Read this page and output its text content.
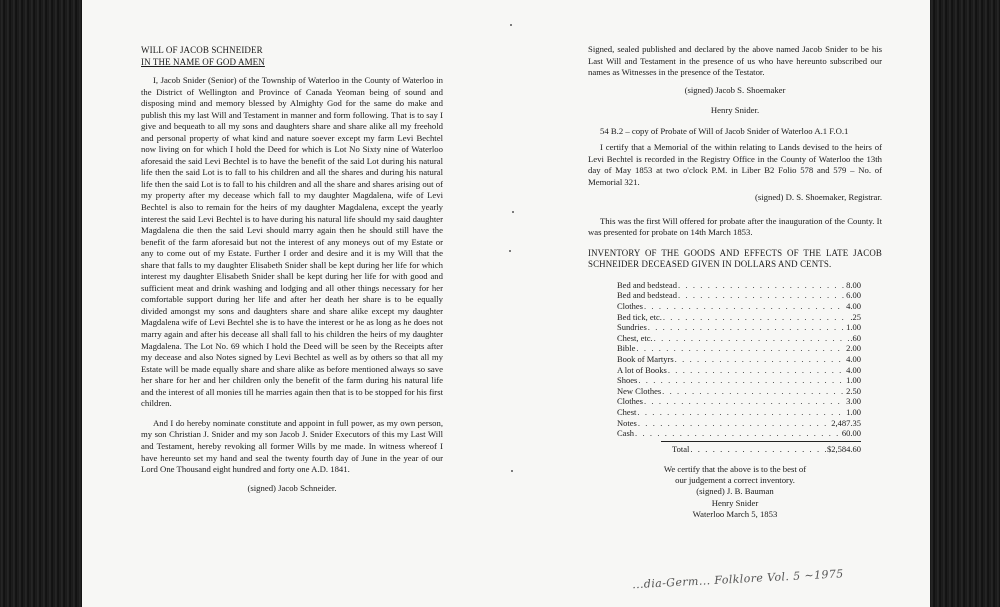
WILL OF JACOB SCHNEIDER

IN THE NAME OF GOD AMEN

I, Jacob Snider (Senior) of the Township of Waterloo in the County of Waterloo in the District of Wellington and Province of Canada Yeoman being of sound and disposing mind and memory blessed by Almighty God for the same do make and publish this my last Will and Testament in manner and form following. That is to say I give and bequeath to all my sons and daughters share and share alike all my freehold and personal property of what kind and nature soever except my farm Levi Bechtel now living on for which I hold the Deed for which is Lot No Sixty nine of Waterloo aforesaid the said Levi Bechtel is to have the benefit of the said Lot during his natural life then the said Lot is to fall to his children and all the shares and during his natural life then the said Lot is to fall to his children and all the share and shares arising out of my property after my decease which fall to my daughter Magdalena, wife of Levi Bechtel is also to remain for the heirs of my daughter Magdalena, except the yearly interest the said Levi Bechtel is to have during his natural life should my said daughter Magdalena die then the said Levi should marry again then he should still have the benefit of the farm aforesaid but not the interest of any moneys out of my Estate or any to come out of my Estate. Further I order and desire and it is my Will that the share that falls to my daughter Elisabeth Snider shall be kept during her life for which interest my daughter Elisabeth Snider shall be kept during her life for with good and sufficient meat and drink washing and lodging and all other things necessary for her comfortable support during her life and after her death her share is to be equally divided amongst my sons and daughters share and share alike except my daughter Magdalena wife of Levi Bechtel she is to have the interest or he as long as he does not marry again and after his decease all shall fall to his children the heirs of my daughter Magdalena. The Lot No. 69 which I hold the Deed will be seen by the Receipts after my decease and also Notes signed by Levi Bechtel as well as by others so that all my Estate will be made equally share and share alike as before mentioned always so save her share for her and her children only the benefit of the farm during his natural life and the interest of all monies till he marries again then that is to be stopped for his first children.

And I do hereby nominate constitute and appoint in full power, as my own person, my son Christian J. Snider and my son Jacob J. Snider Executors of this my Last Will and Testament, hereby revoking all former Wills by me made. In witness whereof I have hereunto set my hand and seal the twenty fourth day of June in the year of our Lord One Thousand eight hundred and forty one A.D. 1841.

(signed) Jacob Schneider.

Signed, sealed published and declared by the above named Jacob Snider to be his Last Will and Testament in the presence of us who have hereunto subscribed our names as Witnesses in the presence of the Testator.

(signed) Jacob S. Shoemaker

Henry Snider.

54 B.2 – copy of Probate of Will of Jacob Snider of Waterloo A.1 F.O.1

I certify that a Memorial of the within relating to Lands devised to the heirs of Levi Bechtel is recorded in the Registry Office in the County of Waterloo the 13th day of May 1853 at two o'clock P.M. in Liber B2 Folio 578 and 579 – No. of Memorial 321.

(signed) D. S. Shoemaker, Registrar.

This was the first Will offered for probate after the inauguration of the County. It was presented for probate on 14th March 1853.

INVENTORY OF THE GOODS AND EFFECTS OF THE LATE JACOB SCHNEIDER DECEASED GIVEN IN DOLLARS AND CENTS.

Bed and bedstead . . .	8.00
Bed and bedstead . . .	6.00
Clothes . . .	4.00
Bed tick, etc. . . .	.25
Sundries . . .	1.00
Chest, etc. . . .	.60
Bible . . .	2.00
Book of Martyrs . . .	4.00
A lot of Books . . .	4.00
Shoes . . .	1.00
New Clothes . . .	2.50
Clothes . . .	3.00
Chest . . .	1.00
Notes . . .	2,487.35
Cash . . .	60.00
Total . . .	$2,584.60
We certify that the above is to the best of
our judgement a correct inventory.
(signed) J. B. Bauman
Henry Snider
Waterloo March 5, 1853
...dia-Germ... Folklore Vol. 5 ~1975
